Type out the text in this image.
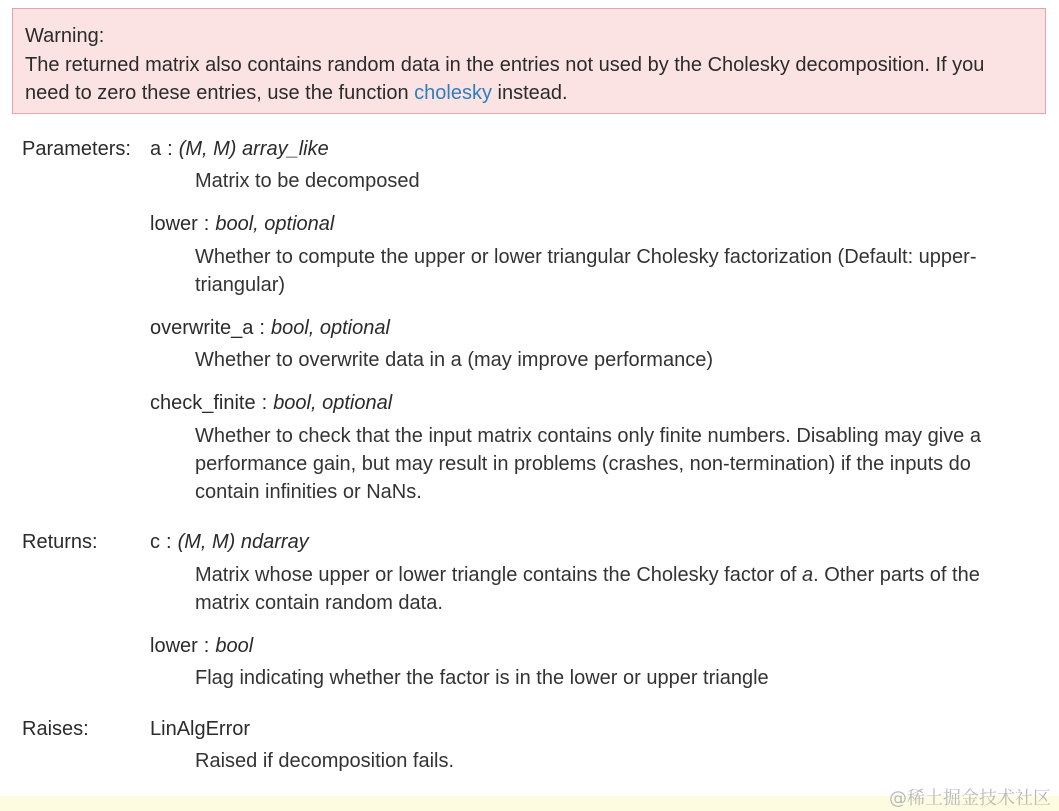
Warning:
The returned matrix also contains random data in the entries not used by the Cholesky decomposition. If you need to zero these entries, use the function cholesky instead.
Parameters: a : (M, M) array_like
Matrix to be decomposed
lower : bool, optional
Whether to compute the upper or lower triangular Cholesky factorization (Default: upper-triangular)
overwrite_a : bool, optional
Whether to overwrite data in a (may improve performance)
check_finite : bool, optional
Whether to check that the input matrix contains only finite numbers. Disabling may give a performance gain, but may result in problems (crashes, non-termination) if the inputs do contain infinities or NaNs.
Returns:	c : (M, M) ndarray
Matrix whose upper or lower triangle contains the Cholesky factor of a. Other parts of the matrix contain random data.
lower : bool
Flag indicating whether the factor is in the lower or upper triangle
Raises:	LinAlgError
Raised if decomposition fails.
@稀土掘金技术社区
